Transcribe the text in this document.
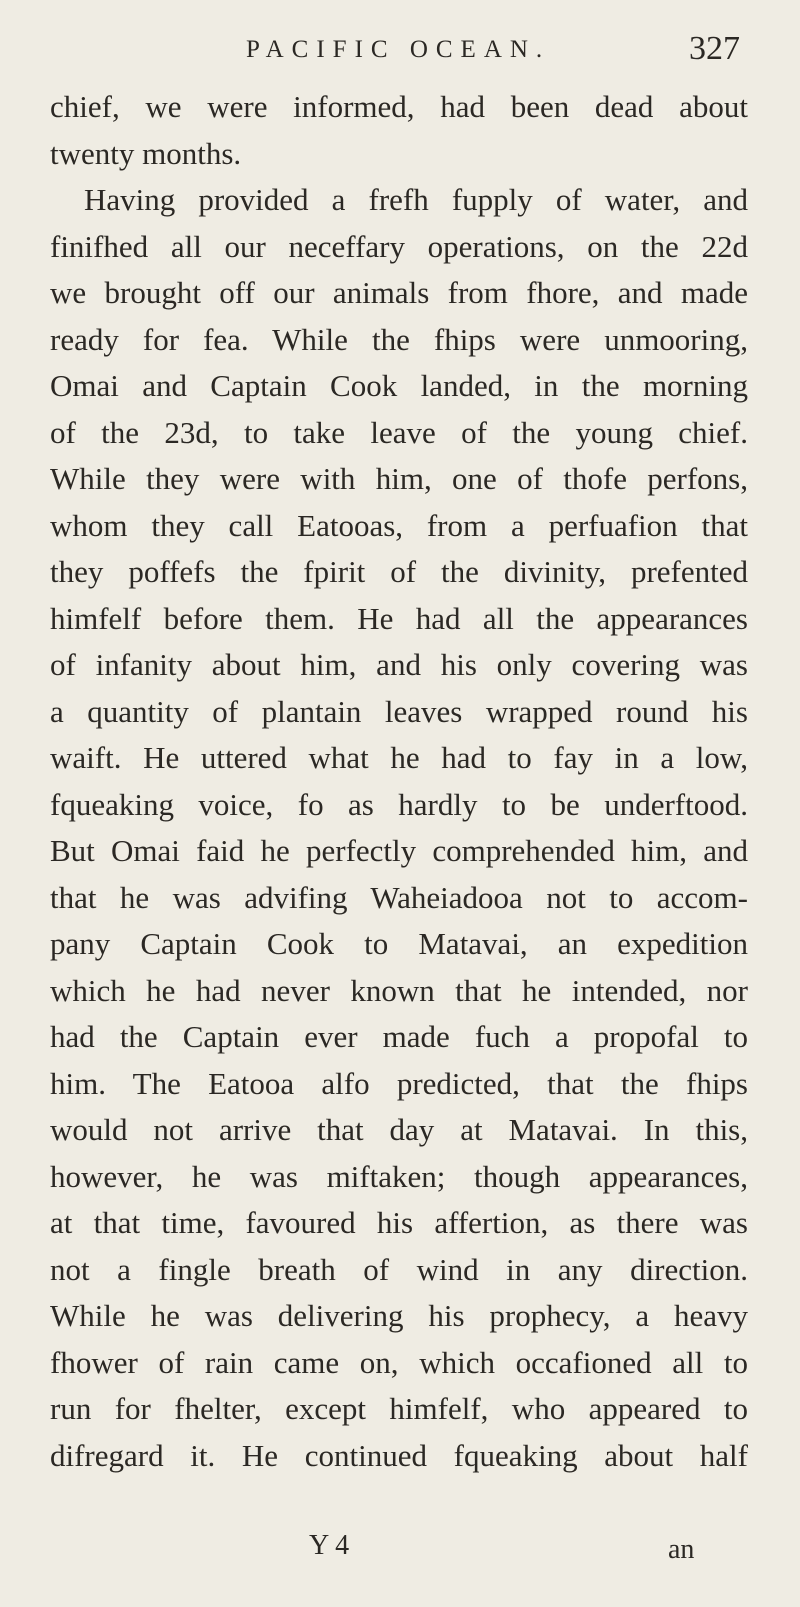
PACIFIC OCEAN.	327
chief, we were informed, had been dead about
twenty months.
Having provided a frefh fupply of water, and
finifhed all our neceffary operations, on the 22d
we brought off our animals from fhore, and made
ready for fea. While the fhips were unmooring,
Omai and Captain Cook landed, in the morning
of the 23d, to take leave of the young chief.
While they were with him, one of thofe perfons,
whom they call Eatooas, from a perfuafion that
they poffefs the fpirit of the divinity, prefented
himfelf before them. He had all the appearances
of infanity about him, and his only covering was
a quantity of plantain leaves wrapped round his
waift. He uttered what he had to fay in a low,
fqueaking voice, fo as hardly to be underftood.
But Omai faid he perfectly comprehended him, and
that he was advifing Waheiadooa not to accom-
pany Captain Cook to Matavai, an expedition
which he had never known that he intended, nor
had the Captain ever made fuch a propofal to
him. The Eatooa alfo predicted, that the fhips
would not arrive that day at Matavai. In this,
however, he was miftaken; though appearances,
at that time, favoured his affertion, as there was
not a fingle breath of wind in any direction.
While he was delivering his prophecy, a heavy
fhower of rain came on, which occafioned all to
run for fhelter, except himfelf, who appeared to
difregard it. He continued fqueaking about half
Y 4	an
